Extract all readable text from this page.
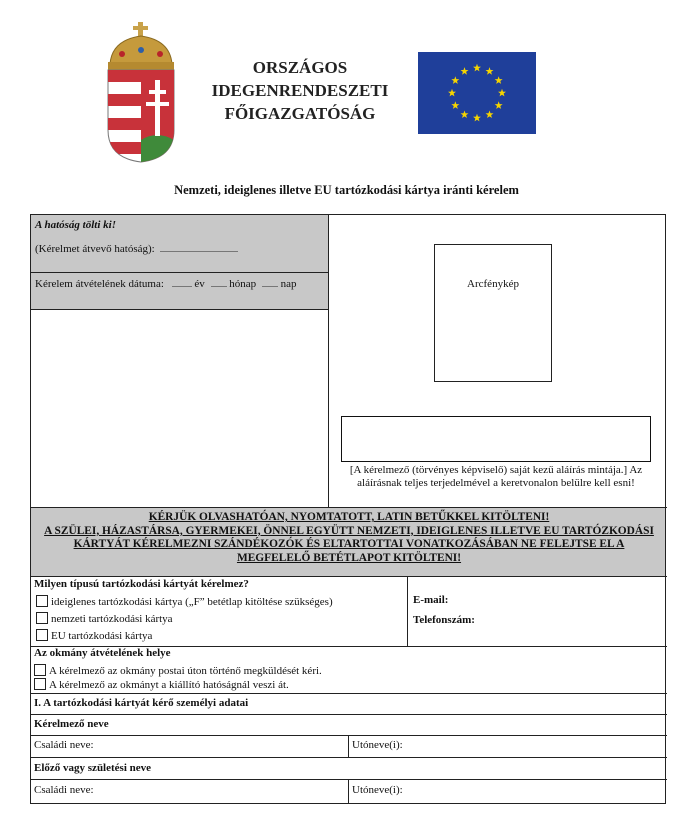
ORSZÁGOS
IDEGENRENDESZETI
FŐIGAZGATÓSÁG
Nemzeti, ideiglenes illetve EU tartózkodási kártya iránti kérelem
A hatóság tölti ki!
(Kérelmet átvevő hatóság):
Kérelem átvételének dátuma:	év hónap nap	Arcfénykép
[A kérelmező (törvényes képviselő) saját kezű aláírás mintája.] Az aláírásnak teljes terjedelmével a keretvonalon belülre kell esni!
KÉRJÜK OLVASHATÓAN, NYOMTATOTT, LATIN BETŰKKEL KITÖLTENI!
A SZÜLEI, HÁZASTÁRSA, GYERMEKEI, ÖNNEL EGYÜTT NEMZETI, IDEIGLENES ILLETVE EU TARTÓZKODÁSI KÁRTYÁT KÉRELMEZNI SZÁNDÉKOZÓK ÉS ELTARTOTTAI VONATKOZÁSÁBAN NE FELEJTSE EL A MEGFELELŐ BETÉTLAPOT KITÖLTENI!
Milyen típusú tartózkodási kártyát kérelmez?
ideiglenes tartózkodási kártya („F” betétlap kitöltése szükséges)
nemzeti tartózkodási kártya
EU tartózkodási kártya
E-mail:
Telefonszám:
Az okmány átvételének helye
A kérelmező az okmány postai úton történő megküldését kéri.
A kérelmező az okmányt a kiállító hatóságnál veszi át.
I. A tartózkodási kártyát kérő személyi adatai
Kérelmező neve
Családi neve:	Utóneve(i):
Előző vagy születési neve
Családi neve:	Utóneve(i):
